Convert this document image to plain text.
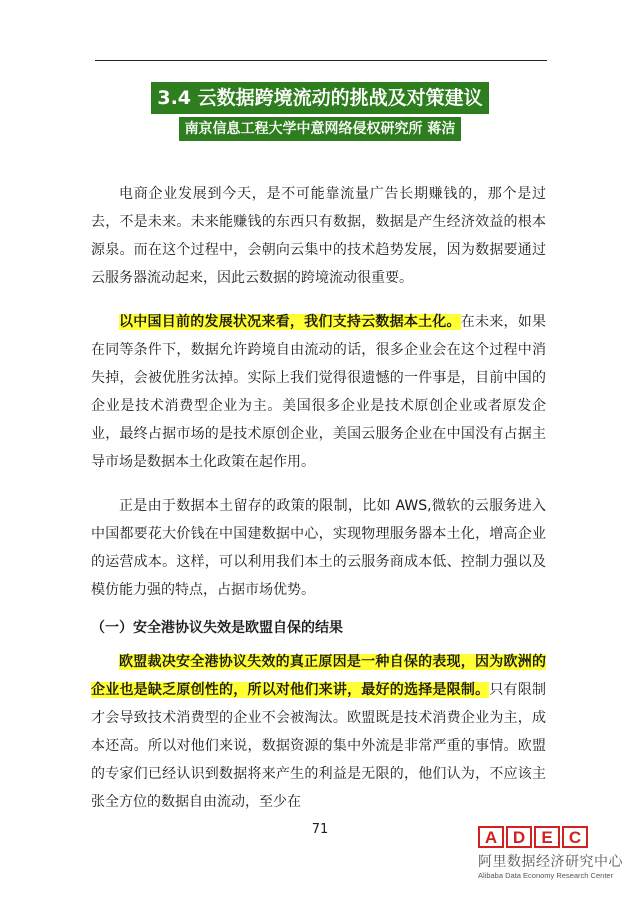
3.4 云数据跨境流动的挑战及对策建议
南京信息工程大学中意网络侵权研究所 蒋洁

电商企业发展到今天，是不可能靠流量广告长期赚钱的，那个是过去，不是未来。未来能赚钱的东西只有数据，数据是产生经济效益的根本源泉。而在这个过程中，会朝向云集中的技术趋势发展，因为数据要通过云服务器流动起来，因此云数据的跨境流动很重要。

以中国目前的发展状况来看，我们支持云数据本土化。在未来，如果在同等条件下，数据允许跨境自由流动的话，很多企业会在这个过程中消失掉，会被优胜劣汰掉。实际上我们觉得很遗憾的一件事是，目前中国的企业是技术消费型企业为主。美国很多企业是技术原创企业或者原发企业，最终占据市场的是技术原创企业，美国云服务企业在中国没有占据主导市场是数据本土化政策在起作用。

正是由于数据本土留存的政策的限制，比如 AWS,微软的云服务进入中国都要花大价钱在中国建数据中心，实现物理服务器本土化，增高企业的运营成本。这样，可以利用我们本土的云服务商成本低、控制力强以及模仿能力强的特点，占据市场优势。

（一）安全港协议失效是欧盟自保的结果

欧盟裁决安全港协议失效的真正原因是一种自保的表现，因为欧洲的企业也是缺乏原创性的，所以对他们来讲，最好的选择是限制。只有限制才会导致技术消费型的企业不会被淘汰。欧盟既是技术消费企业为主，成本还高。所以对他们来说，数据资源的集中外流是非常严重的事情。欧盟的专家们已经认识到数据将来产生的利益是无限的，他们认为，不应该主张全方位的数据自由流动，至少在

71	A D E C
阿里数据经济研究中心
Alibaba Data Economy Research Center
